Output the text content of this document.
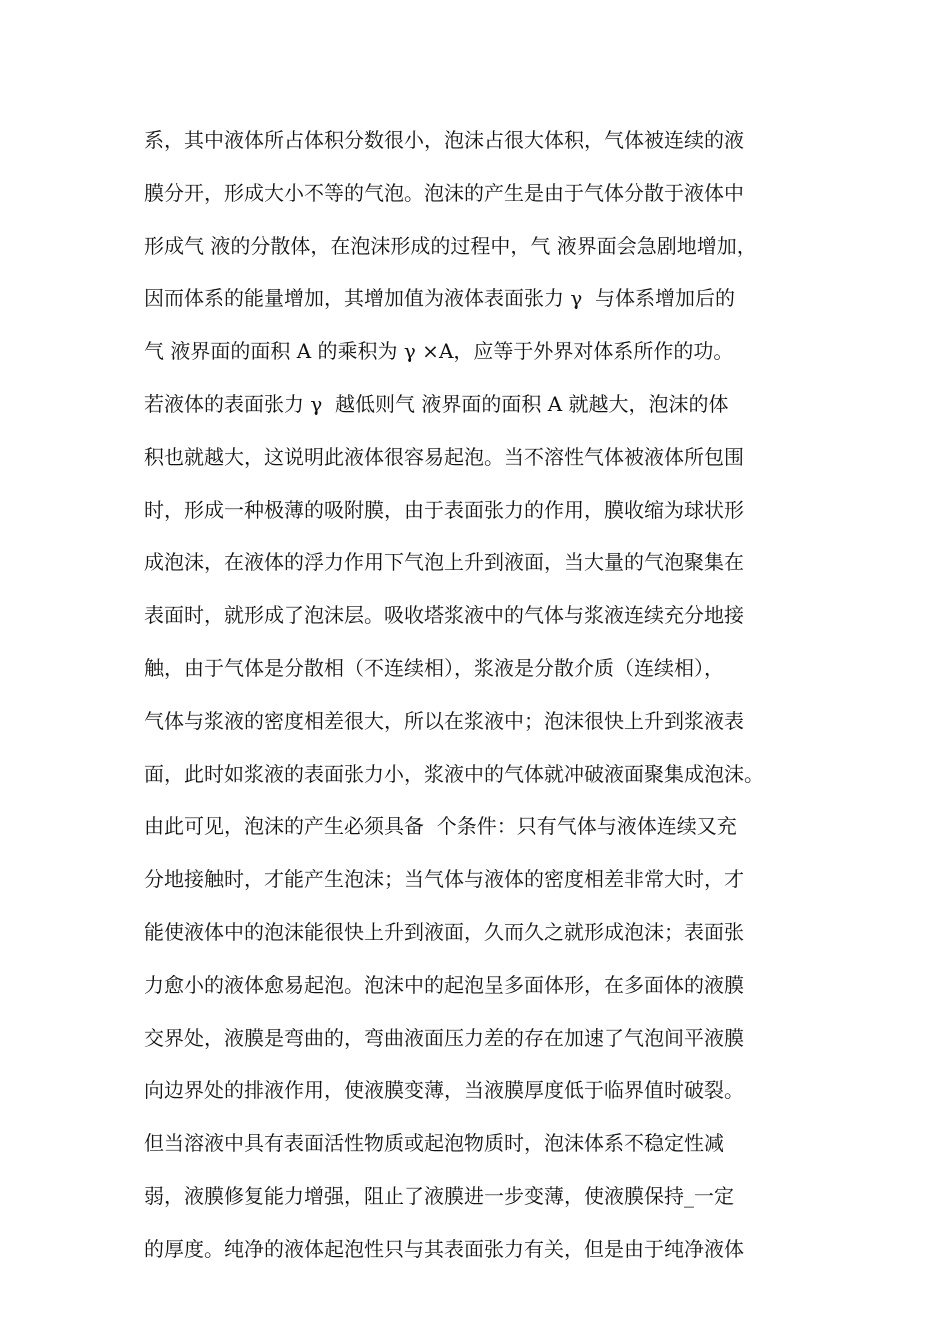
系，其中液体所占体积分数很小，泡沫占很大体积，气体被连续的液
膜分开，形成大小不等的气泡。泡沫的产生是由于气体分散于液体中
形成气 液的分散体，在泡沫形成的过程中，气 液界面会急剧地增加，
因而体系的能量增加，其增加值为液体表面张力 γ  与体系增加后的
气 液界面的面积 A 的乘积为 γ ×A，应等于外界对体系所作的功。
若液体的表面张力 γ  越低则气 液界面的面积 A 就越大，泡沫的体
积也就越大，这说明此液体很容易起泡。当不溶性气体被液体所包围
时，形成一种极薄的吸附膜，由于表面张力的作用，膜收缩为球状形
成泡沫，在液体的浮力作用下气泡上升到液面，当大量的气泡聚集在
表面时，就形成了泡沫层。吸收塔浆液中的气体与浆液连续充分地接
触，由于气体是分散相（不连续相），浆液是分散介质（连续相），
气体与浆液的密度相差很大，所以在浆液中；泡沫很快上升到浆液表
面，此时如浆液的表面张力小，浆液中的气体就冲破液面聚集成泡沫。
由此可见，泡沫的产生必须具备  个条件：只有气体与液体连续又充
分地接触时，才能产生泡沫；当气体与液体的密度相差非常大时，才
能使液体中的泡沫能很快上升到液面，久而久之就形成泡沫；表面张
力愈小的液体愈易起泡。泡沫中的起泡呈多面体形，在多面体的液膜
交界处，液膜是弯曲的，弯曲液面压力差的存在加速了气泡间平液膜
向边界处的排液作用，使液膜变薄，当液膜厚度低于临界值时破裂。
但当溶液中具有表面活性物质或起泡物质时，泡沫体系不稳定性减
弱，液膜修复能力增强，阻止了液膜进一步变薄，使液膜保持_一定
的厚度。纯净的液体起泡性只与其表面张力有关，但是由于纯净液体
